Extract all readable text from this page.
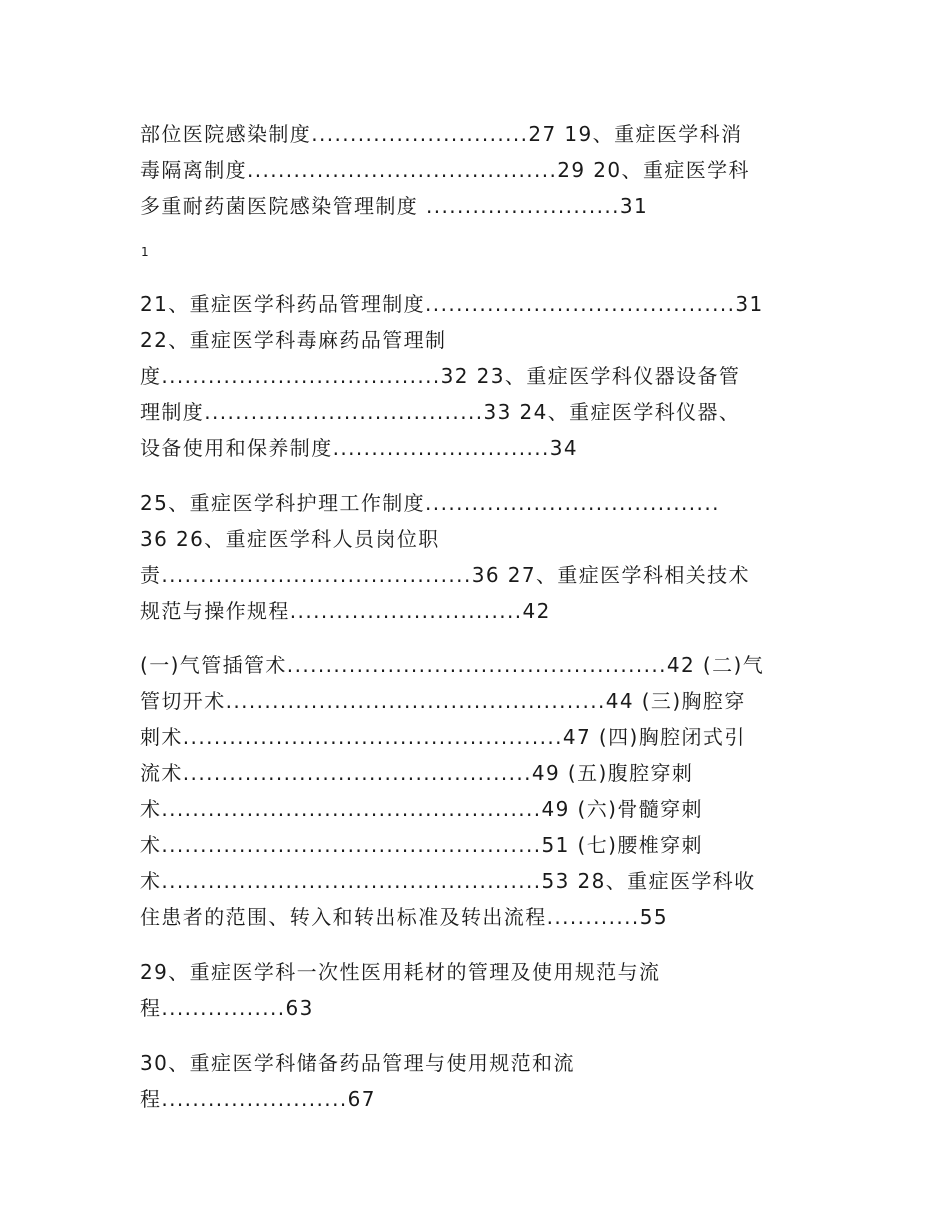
部位医院感染制度............................27 19、重症医学科消
毒隔离制度........................................29 20、重症医学科
多重耐药菌医院感染管理制度 .........................31
1
21、重症医学科药品管理制度........................................31
22、重症医学科毒麻药品管理制
度....................................32 23、重症医学科仪器设备管
理制度....................................33 24、重症医学科仪器、
设备使用和保养制度............................34
25、重症医学科护理工作制度......................................
36 26、重症医学科人员岗位职
责........................................36 27、重症医学科相关技术
规范与操作规程..............................42
(一)气管插管术.................................................42 (二)气
管切开术.................................................44 (三)胸腔穿
刺术.................................................47 (四)胸腔闭式引
流术.............................................49 (五)腹腔穿刺
术.................................................49 (六)骨髓穿刺
术.................................................51 (七)腰椎穿刺
术.................................................53 28、重症医学科收
住患者的范围、转入和转出标准及转出流程............55
29、重症医学科一次性医用耗材的管理及使用规范与流
程................63
30、重症医学科储备药品管理与使用规范和流
程........................67
